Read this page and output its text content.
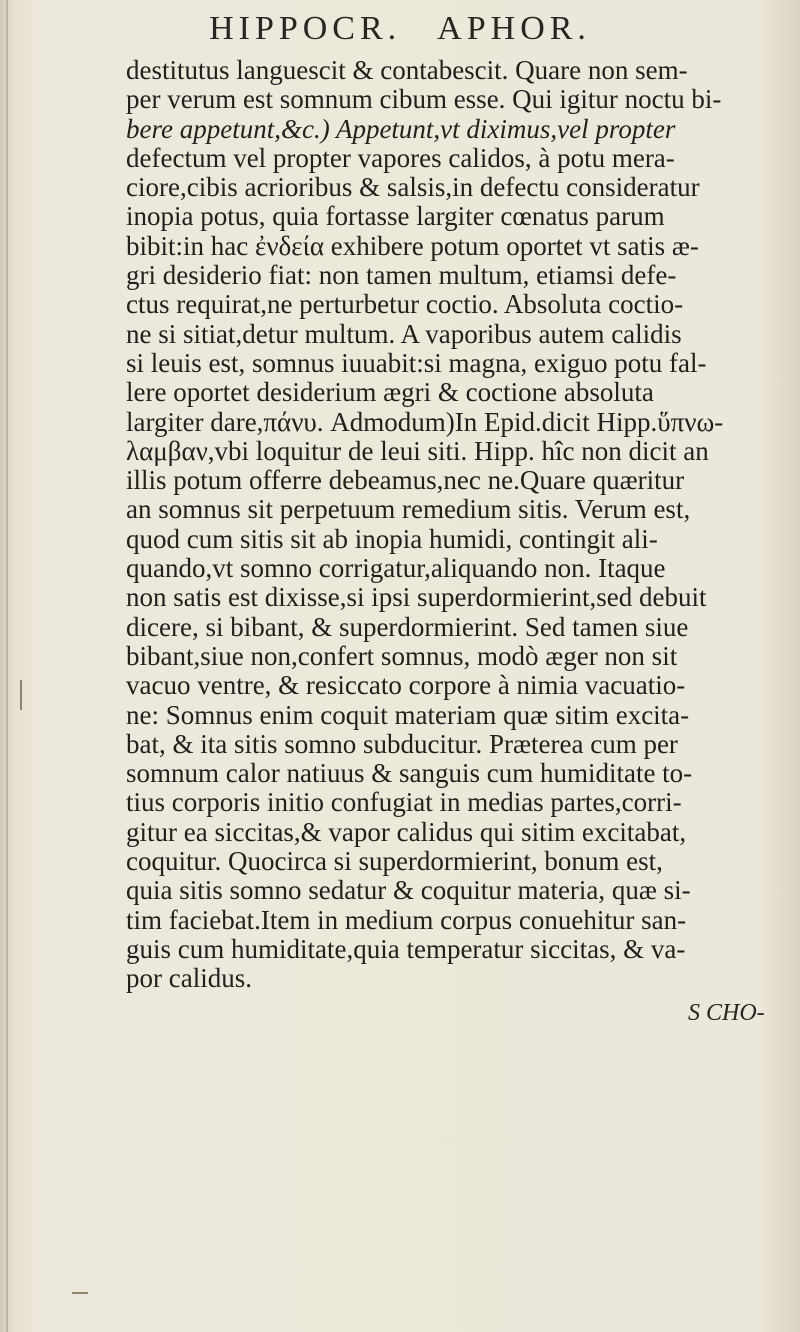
HIPPOCR. APHOR.
destitutus languescit & contabescit. Quare non sem-
per verum est somnum cibum esse. Qui igitur noctu bi-
bere appetunt,&c.) Appetunt,vt diximus,vel propter
defectum vel propter vapores calidos, à potu mera-
ciore,cibis acrioribus & salsis,in defectu consideratur
inopia potus, quia fortasse largiter cœnatus parum
bibit:in hac ἐνδεία exhibere potum oportet vt satis æ-
gri desiderio fiat: non tamen multum, etiamsi defe-
ctus requirat,ne perturbetur coctio. Absoluta coctio-
ne si sitiat,detur multum. A vaporibus autem calidis
si leuis est, somnus iuuabit:si magna, exiguo potu fal-
lere oportet desiderium ægri & coctione absoluta
largiter dare,πάνυ. Admodum)In Epid.dicit Hipp.ὕπνω-
λαμβαν,vbi loquitur de leui siti. Hipp. hîc non dicit an
illis potum offerre debeamus,nec ne.Quare quæritur
an somnus sit perpetuum remedium sitis. Verum est,
quod cum sitis sit ab inopia humidi, contingit ali-
quando,vt somno corrigatur,aliquando non. Itaque
non satis est dixisse,si ipsi superdormierint,sed debuit
dicere, si bibant, & superdormierint. Sed tamen siue
bibant,siue non,confert somnus, modò æger non sit
vacuo ventre, & resiccato corpore à nimia vacuatio-
ne: Somnus enim coquit materiam quæ sitim excita-
bat, & ita sitis somno subducitur. Præterea cum per
somnum calor natiuus & sanguis cum humiditate to-
tius corporis initio confugiat in medias partes,corri-
gitur ea siccitas,& vapor calidus qui sitim excitabat,
coquitur. Quocirca si superdormierint, bonum est,
quia sitis somno sedatur & coquitur materia, quæ si-
tim faciebat.Item in medium corpus conuehitur san-
guis cum humiditate,quia temperatur siccitas, & va-
por calidus.
S CHO-
